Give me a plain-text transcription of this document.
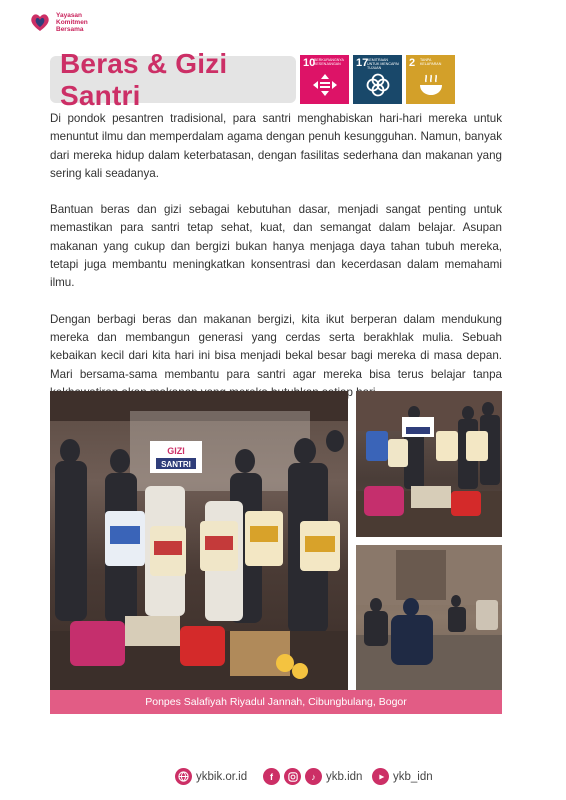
Yayasan
Komitmen
Bersama
Beras & Gizi Santri
10
BERKURANGNYA KESENJANGAN	17
KEMITRAAN UNTUK MENCAPAI TUJUAN	2 TANPA KELAPARAN

Di pondok pesantren tradisional, para santri menghabiskan hari-hari mereka untuk menuntut ilmu dan memperdalam agama dengan penuh kesungguhan. Namun, banyak dari mereka hidup dalam keterbatasan, dengan fasilitas sederhana dan makanan yang sering kali seadanya.

Bantuan beras dan gizi sebagai kebutuhan dasar, menjadi sangat penting untuk memastikan para santri tetap sehat, kuat, dan semangat dalam belajar. Asupan makanan yang cukup dan bergizi bukan hanya menjaga daya tahan tubuh mereka, tetapi juga membantu meningkatkan konsentrasi dan kecerdasan dalam memahami ilmu.

Dengan berbagi beras dan makanan bergizi, kita ikut berperan dalam mendukung mereka dan membangun generasi yang cerdas serta berakhlak mulia. Sebuah kebaikan kecil dari kita hari ini bisa menjadi bekal besar bagi mereka di masa depan. Mari bersama-sama membantu para santri agar mereka bisa terus belajar tanpa

GIZI
SANTRI
Ponpes Salafiyah Riyadul Jannah, Cibungbulang, Bogor
ykbik.or.id	f	♪ ykb.idn	ykb_idn
